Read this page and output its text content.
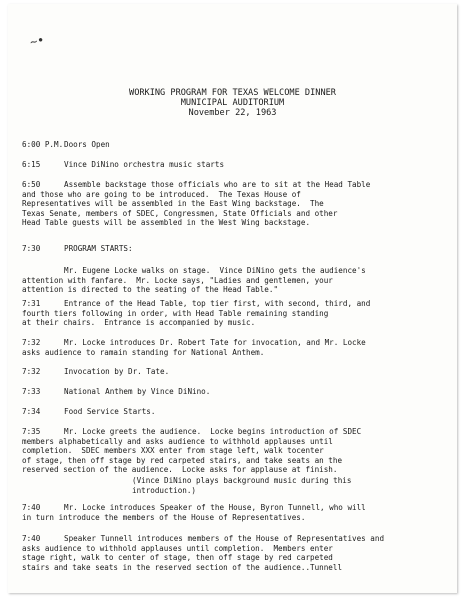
~•
WORKING PROGRAM FOR TEXAS WELCOME DINNER
MUNICIPAL AUDITORIUM
November 22, 1963
6:00 P.M.Doors Open
6:15	Vince DiNino orchestra music starts
6:50	Assemble backstage those officials who are to sit at the Head Table
and those who are going to be introduced.  The Texas House of
Representatives will be assembled in the East Wing backstage.  The
Texas Senate, members of SDEC, Congressmen, State Officials and other
Head Table guests will be assembled in the West Wing backstage.
7:30	PROGRAM STARTS:
Mr. Eugene Locke walks on stage.  Vince DiNino gets the audience's
attention with fanfare.  Mr. Locke says, "Ladies and gentlemen, your
attention is directed to the seating of the Head Table."
7:31	Entrance of the Head Table, top tier first, with second, third, and
fourth tiers following in order, with Head Table remaining standing
at their chairs.  Entrance is accompanied by music.
7:32	Mr. Locke introduces Dr. Robert Tate for invocation, and Mr. Locke
asks audience to ramain standing for National Anthem.
7:32	Invocation by Dr. Tate.
7:33	National Anthem by Vince DiNino.
7:34	Food Service Starts.
7:35	Mr. Locke greets the audience.  Locke begins introduction of SDEC
members alphabetically and asks audience to withhold applauses until
completion.  SDEC members XXX enter from stage left, walk tocenter
of stage, then off stage by red carpeted stairs, and take seats an the
reserved section of the audience.  Locke asks for applause at finish.
(Vince DiNino plays background music during this
introduction.)
7:40	Mr. Locke introduces Speaker of the House, Byron Tunnell, who will
in turn introduce the members of the House of Representatives.
7:40	Speaker Tunnell introduces members of the House of Representatives and
asks audience to withhold applauses until completion.  Members enter
stage right, walk to center of stage, then off stage by red carpeted
stairs and take seats in the reserved section of the audience..Tunnell
